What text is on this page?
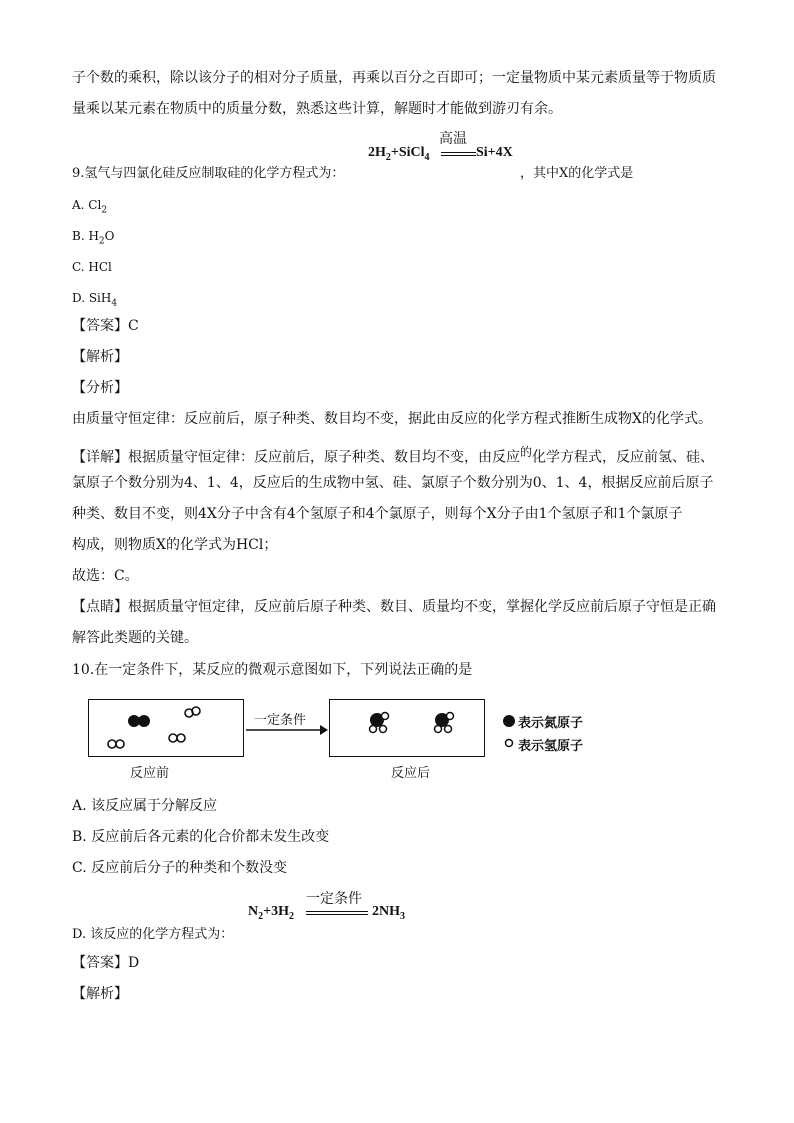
子个数的乘积，除以该分子的相对分子质量，再乘以百分之百即可；一定量物质中某元素质量等于物质质
量乘以某元素在物质中的质量分数，熟悉这些计算，解题时才能做到游刃有余。
高温
$2H_2+SiCl_4$	Si+4X
9.氢气与四氯化硅反应制取硅的化学方程式为：	，其中X的化学式是
A. $Cl_2$
B. $H_2O$
C. HCl
D. SiH$_4$
【答案】C
【解析】
【分析】
由质量守恒定律：反应前后，原子种类、数目均不变，据此由反应的化学方程式推断生成物X的化学式。
【详解】根据质量守恒定律：反应前后，原子种类、数目均不变，由反应$^的$化学方程式，反应前氢、硅、
氯原子个数分别为4、1、4，反应后的生成物中氢、硅、氯原子个数分别为0、1、4，根据反应前后原子
种类、数目不变，则4X分子中含有4个氢原子和4个氯原子，则每个X分子由1个氢原子和1个氯原子
构成，则物质X的化学式为HCl；
故选：C。
【点睛】根据质量守恒定律，反应前后原子种类、数目、质量均不变，掌握化学反应前后原子守恒是正确
解答此类题的关键。
10.在一定条件下，某反应的微观示意图如下，下列说法正确的是
一定条件
反应前	反应后
表示氮原子
表示氢原子
A. 该反应属于分解反应
B. 反应前后各元素的化合价都未发生改变
C. 反应前后分子的种类和个数没变
一定条件
$N_2+3H_2$	$2NH_3$
D. 该反应的化学方程式为：
【答案】D
【解析】
